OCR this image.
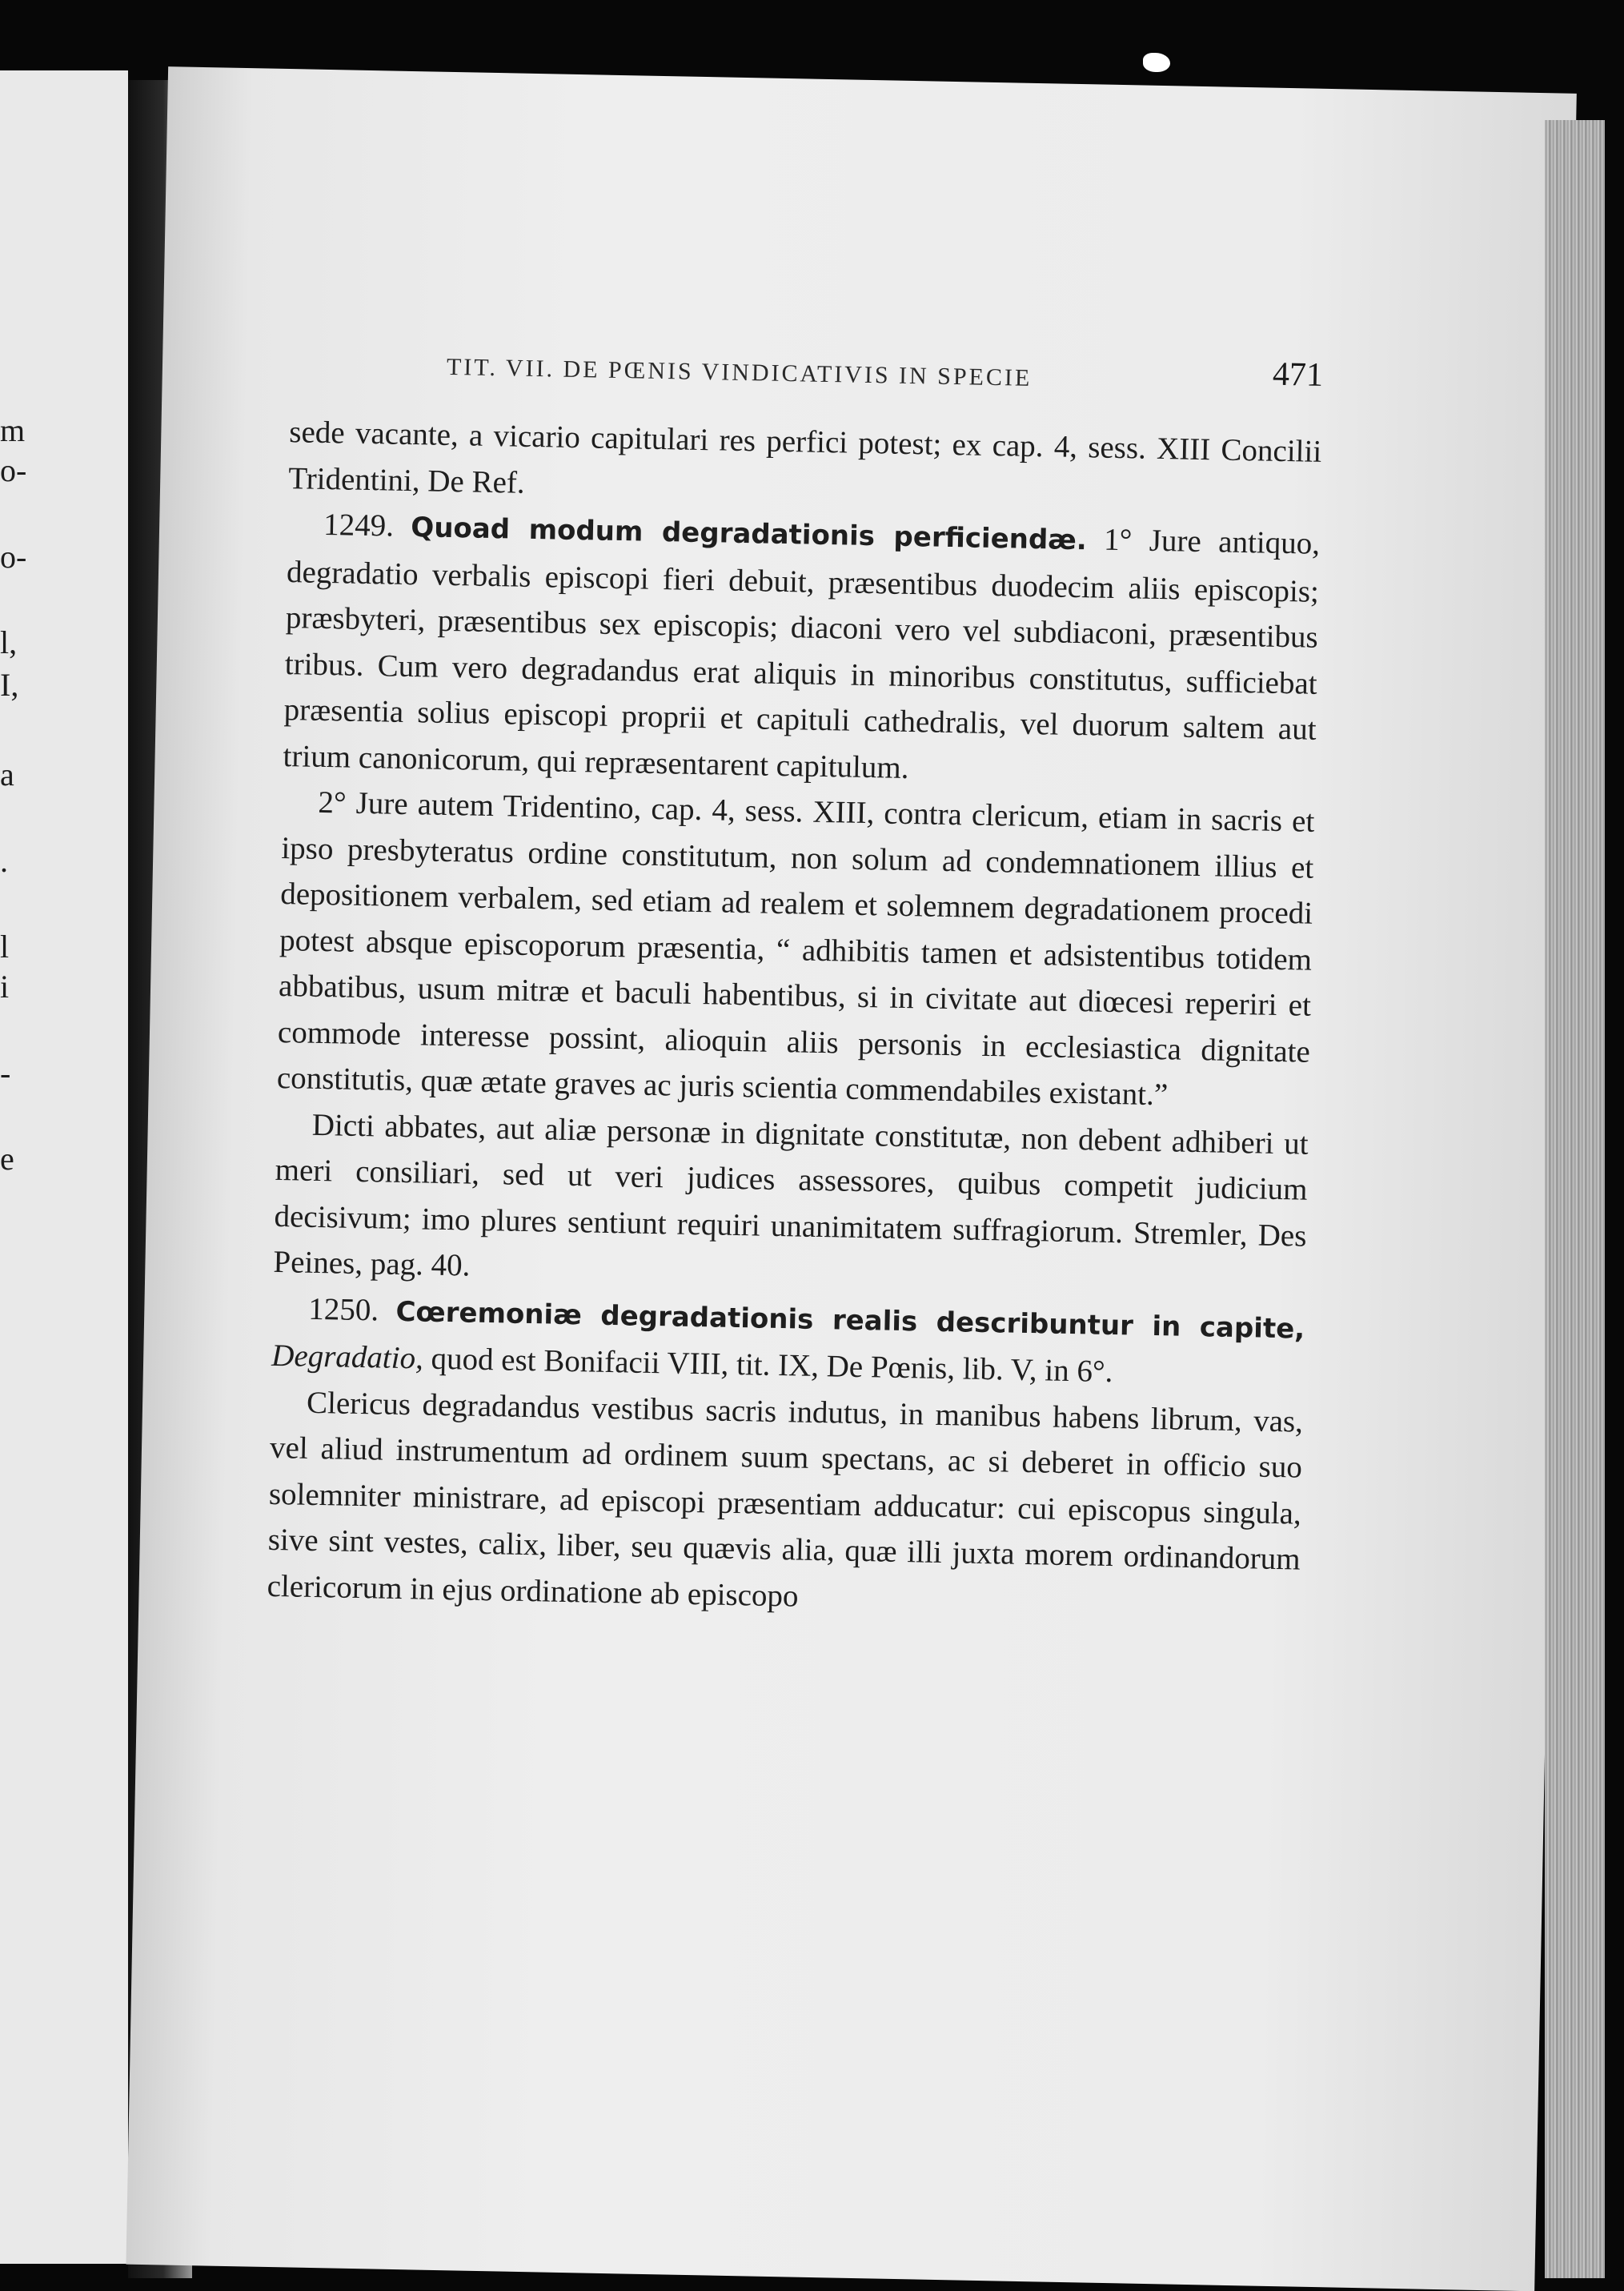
m
o-
o-
l,
I,
a
.
l
i
-
e
TIT. VII. DE PŒNIS VINDICATIVIS IN SPECIE	471

sede vacante, a vicario capitulari res perfici potest; ex cap. 4, sess. XIII Concilii Tridentini, De Ref.

1249. Quoad modum degradationis perficiendæ. 1° Jure antiquo, degradatio verbalis episcopi fieri debuit, præsentibus duodecim aliis episcopis; præsbyteri, præsentibus sex episcopis; diaconi vero vel subdiaconi, præsentibus tribus. Cum vero degradandus erat aliquis in minoribus constitutus, sufficiebat præsentia solius episcopi proprii et capituli cathedralis, vel duorum saltem aut trium canonicorum, qui repræsentarent capitulum.

2° Jure autem Tridentino, cap. 4, sess. XIII, contra clericum, etiam in sacris et ipso presbyteratus ordine constitutum, non solum ad condemnationem illius et depositionem verbalem, sed etiam ad realem et solemnem degradationem procedi potest absque episcoporum præsentia, “ adhibitis tamen et adsistentibus totidem abbatibus, usum mitræ et baculi habentibus, si in civitate aut diœcesi reperiri et commode interesse possint, alioquin aliis personis in ecclesiastica dignitate constitutis, quæ ætate graves ac juris scientia commendabiles existant.”

Dicti abbates, aut aliæ personæ in dignitate constitutæ, non debent adhiberi ut meri consiliari, sed ut veri judices assessores, quibus competit judicium decisivum; imo plures sentiunt requiri unanimitatem suffragiorum. Stremler, Des Peines, pag. 40.

1250. Cœremoniæ degradationis realis describuntur in capite, Degradatio, quod est Bonifacii VIII, tit. IX, De Pœnis, lib. V, in 6°.

Clericus degradandus vestibus sacris indutus, in manibus habens librum, vas, vel aliud instrumentum ad ordinem suum spectans, ac si deberet in officio suo solemniter ministrare, ad episcopi præsentiam adducatur: cui episcopus singula, sive sint vestes, calix, liber, seu quævis alia, quæ illi juxta morem ordinandorum clericorum in ejus ordinatione ab episcopo
